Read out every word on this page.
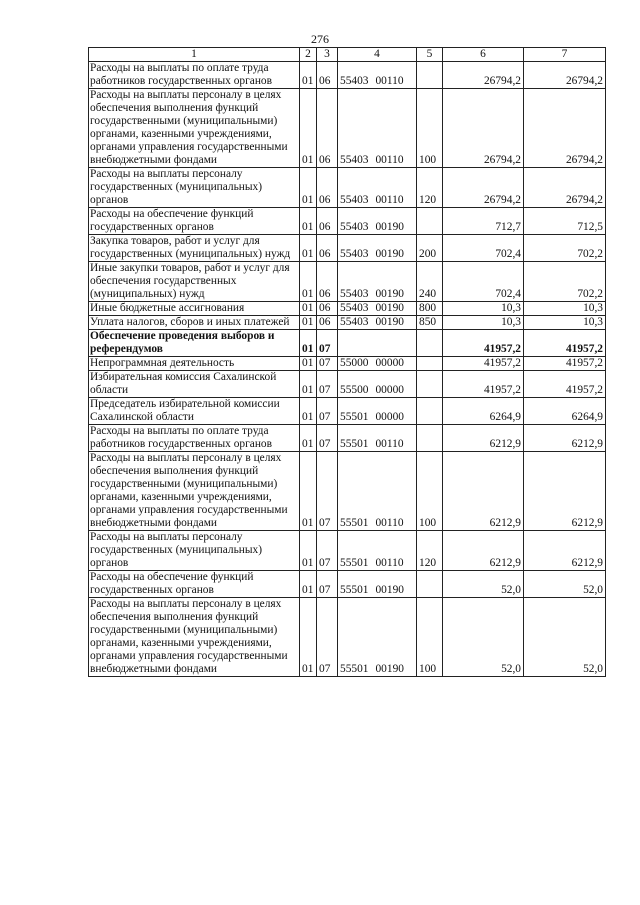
276
1	2	3	4	5	6	7
Расходы на выплаты по оплате труда работников государственных органов	01	06	55403 00110		26794,2	26794,2
Расходы на выплаты персоналу в целях обеспечения выполнения функций государственными (муниципальными) органами, казенными учреждениями, органами управления государственными внебюджетными фондами	01	06	55403 00110	100	26794,2	26794,2
Расходы на выплаты персоналу государственных (муниципальных) органов	01	06	55403 00110	120	26794,2	26794,2
Расходы на обеспечение функций государственных органов	01	06	55403 00190		712,7	712,5
Закупка товаров, работ и услуг для государственных (муниципальных) нужд	01	06	55403 00190	200	702,4	702,2
Иные закупки товаров, работ и услуг для обеспечения государственных (муниципальных) нужд	01	06	55403 00190	240	702,4	702,2
Иные бюджетные ассигнования	01	06	55403 00190	800	10,3	10,3
Уплата налогов, сборов и иных платежей	01	06	55403 00190	850	10,3	10,3
Обеспечение проведения выборов и референдумов	01	07			41957,2	41957,2
Непрограммная деятельность	01	07	55000 00000		41957,2	41957,2
Избирательная комиссия Сахалинской области	01	07	55500 00000		41957,2	41957,2
Председатель избирательной комиссии Сахалинской области	01	07	55501 00000		6264,9	6264,9
Расходы на выплаты по оплате труда работников государственных органов	01	07	55501 00110		6212,9	6212,9
Расходы на выплаты персоналу в целях обеспечения выполнения функций государственными (муниципальными) органами, казенными учреждениями, органами управления государственными внебюджетными фондами	01	07	55501 00110	100	6212,9	6212,9
Расходы на выплаты персоналу государственных (муниципальных) органов	01	07	55501 00110	120	6212,9	6212,9
Расходы на обеспечение функций государственных органов	01	07	55501 00190		52,0	52,0
Расходы на выплаты персоналу в целях обеспечения выполнения функций государственными (муниципальными) органами, казенными учреждениями, органами управления государственными внебюджетными фондами	01	07	55501 00190	100	52,0	52,0
